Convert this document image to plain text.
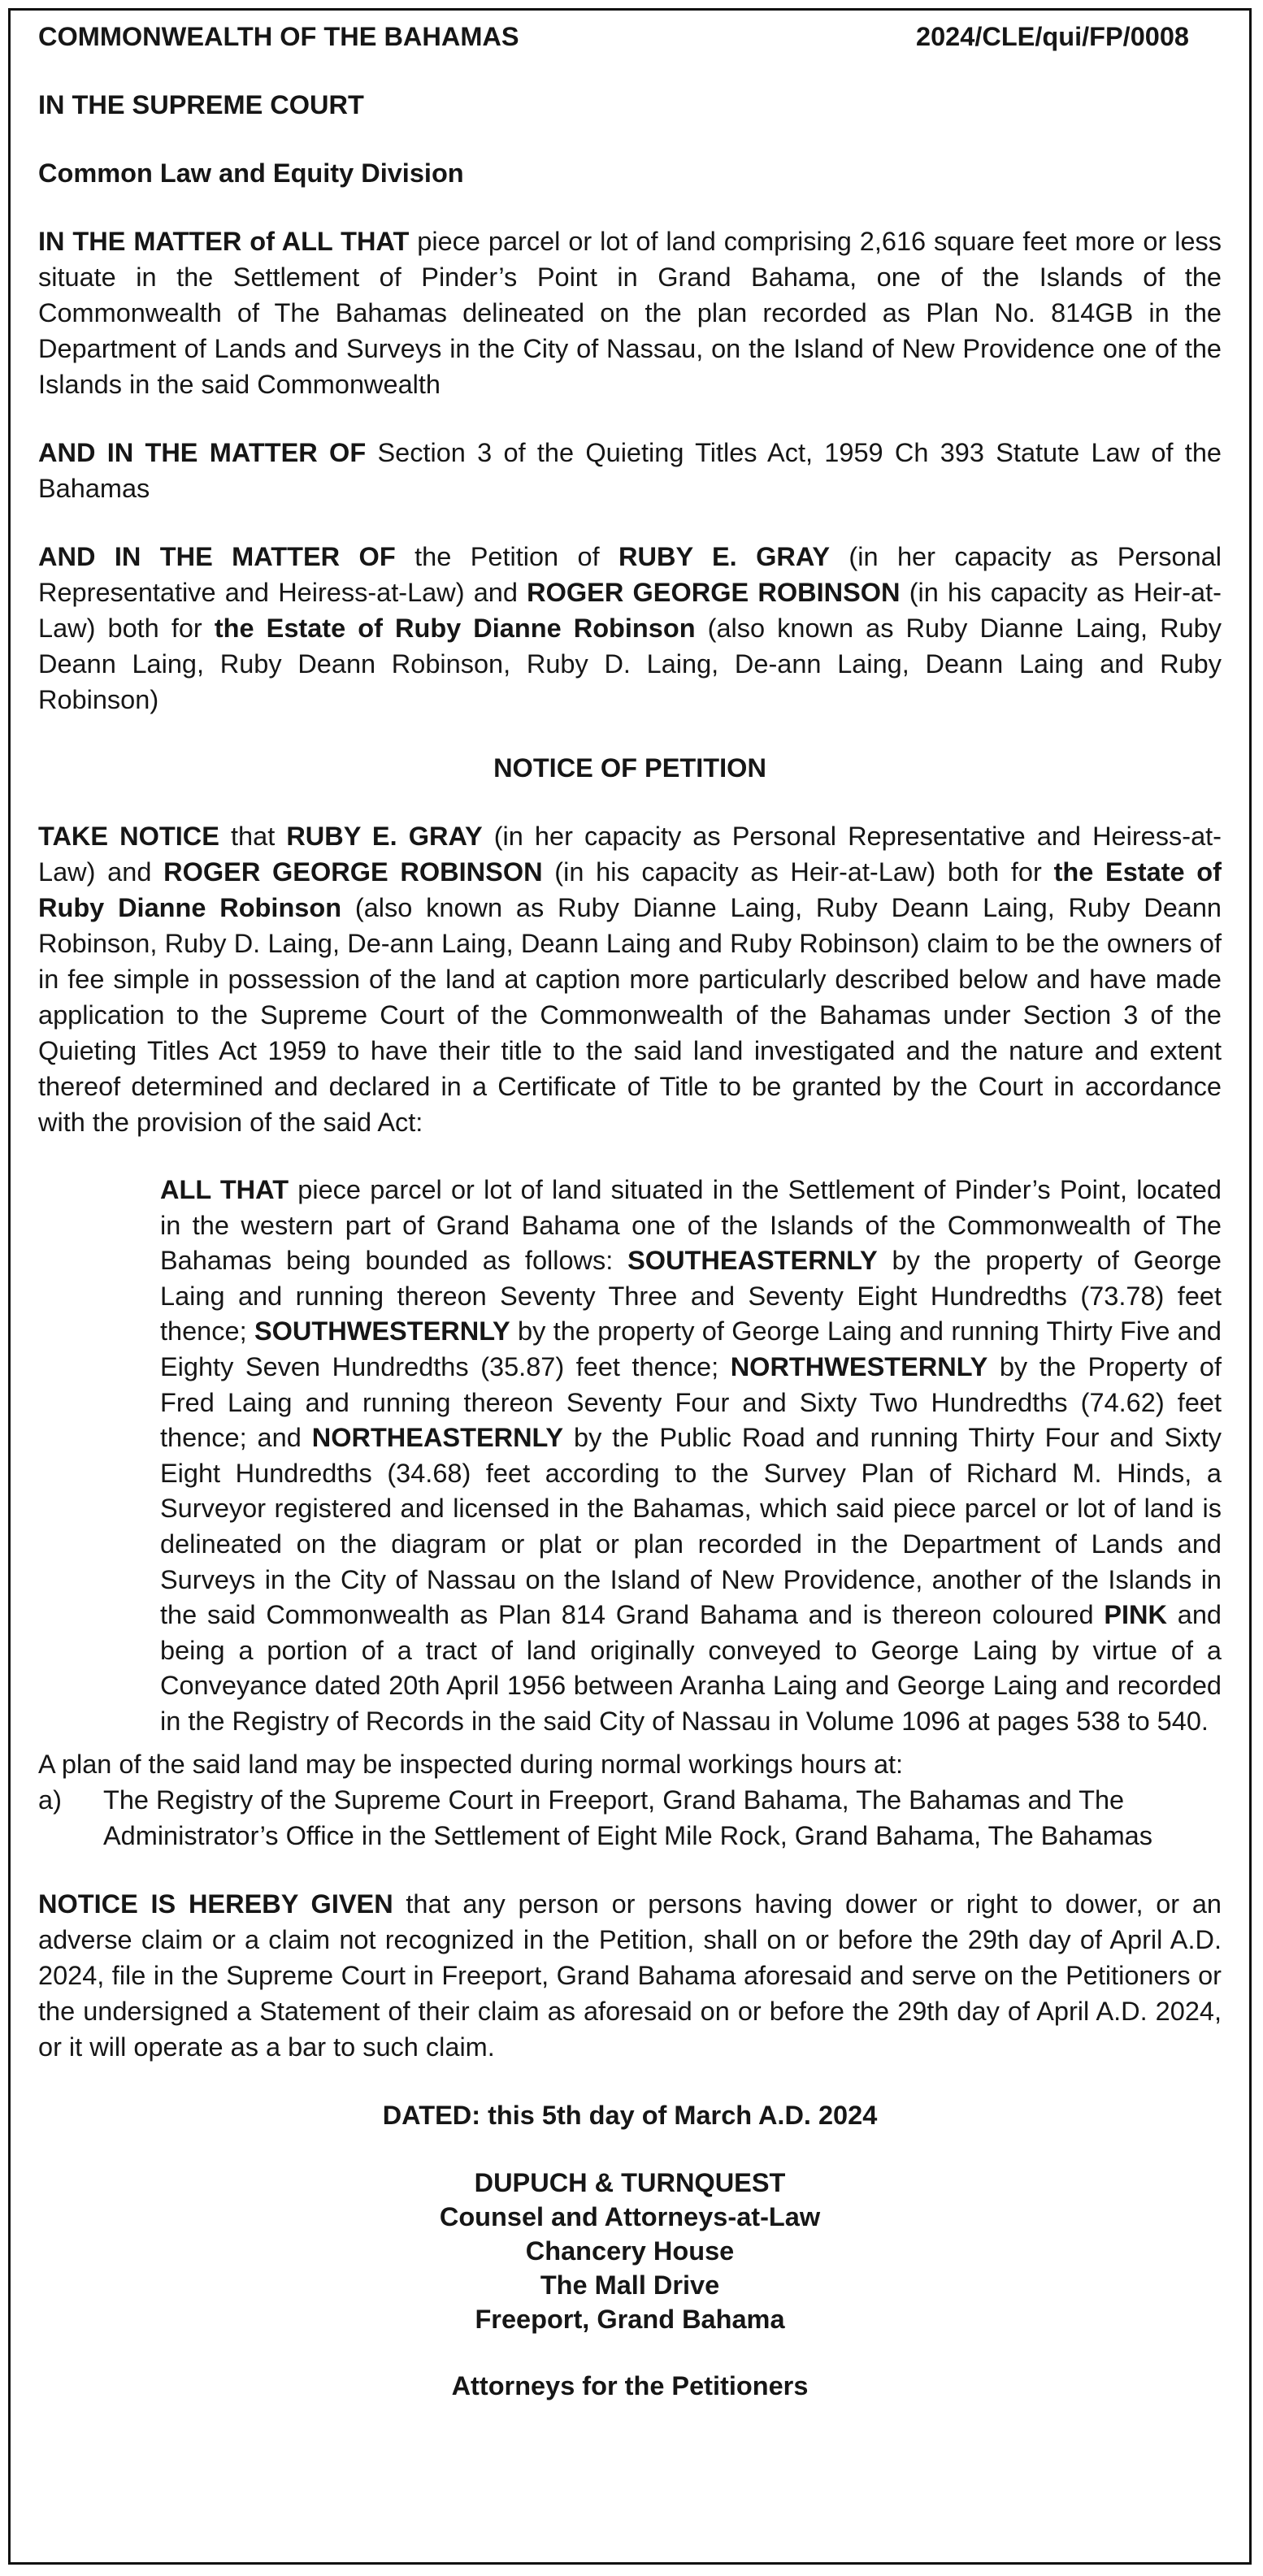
COMMONWEALTH OF THE BAHAMAS	2024/CLE/qui/FP/0008

IN THE SUPREME COURT

Common Law and Equity Division

IN THE MATTER of ALL THAT piece parcel or lot of land comprising 2,616 square feet more or less situate in the Settlement of Pinder’s Point in Grand Bahama, one of the Islands of the Commonwealth of The Bahamas delineated on the plan recorded as Plan No. 814GB in the Department of Lands and Surveys in the City of Nassau, on the Island of New Providence one of the Islands in the said Commonwealth

AND IN THE MATTER OF Section 3 of the Quieting Titles Act, 1959 Ch 393 Statute Law of the Bahamas

AND IN THE MATTER OF the Petition of RUBY E. GRAY (in her capacity as Personal Representative and Heiress-at-Law) and ROGER GEORGE ROBINSON (in his capacity as Heir-at-Law) both for the Estate of Ruby Dianne Robinson (also known as Ruby Dianne Laing, Ruby Deann Laing, Ruby Deann Robinson, Ruby D. Laing, De-ann Laing, Deann Laing and Ruby Robinson)

NOTICE OF PETITION

TAKE NOTICE that RUBY E. GRAY (in her capacity as Personal Representative and Heiress-at-Law) and ROGER GEORGE ROBINSON (in his capacity as Heir-at-Law) both for the Estate of Ruby Dianne Robinson (also known as Ruby Dianne Laing, Ruby Deann Laing, Ruby Deann Robinson, Ruby D. Laing, De-ann Laing, Deann Laing and Ruby Robinson) claim to be the owners of in fee simple in possession of the land at caption more particularly described below and have made application to the Supreme Court of the Commonwealth of the Bahamas under Section 3 of the Quieting Titles Act 1959 to have their title to the said land investigated and the nature and extent thereof determined and declared in a Certificate of Title to be granted by the Court in accordance with the provision of the said Act:

ALL THAT piece parcel or lot of land situated in the Settlement of Pinder’s Point, located in the western part of Grand Bahama one of the Islands of the Commonwealth of The Bahamas being bounded as follows: SOUTHEASTERNLY by the property of George Laing and running thereon Seventy Three and Seventy Eight Hundredths (73.78) feet thence; SOUTHWESTERNLY by the property of George Laing and running Thirty Five and Eighty Seven Hundredths (35.87) feet thence; NORTHWESTERNLY by the Property of Fred Laing and running thereon Seventy Four and Sixty Two Hundredths (74.62) feet thence; and NORTHEASTERNLY by the Public Road and running Thirty Four and Sixty Eight Hundredths (34.68) feet according to the Survey Plan of Richard M. Hinds, a Surveyor registered and licensed in the Bahamas, which said piece parcel or lot of land is delineated on the diagram or plat or plan recorded in the Department of Lands and Surveys in the City of Nassau on the Island of New Providence, another of the Islands in the said Commonwealth as Plan 814 Grand Bahama and is thereon coloured PINK and being a portion of a tract of land originally conveyed to George Laing by virtue of a Conveyance dated 20th April 1956 between Aranha Laing and George Laing and recorded in the Registry of Records in the said City of Nassau in Volume 1096 at pages 538 to 540.

A plan of the said land may be inspected during normal workings hours at:

a)	The Registry of the Supreme Court in Freeport, Grand Bahama, The Bahamas and The Administrator’s Office in the Settlement of Eight Mile Rock, Grand Bahama, The Bahamas

NOTICE IS HEREBY GIVEN that any person or persons having dower or right to dower, or an adverse claim or a claim not recognized in the Petition, shall on or before the 29th day of April A.D. 2024, file in the Supreme Court in Freeport, Grand Bahama aforesaid and serve on the Petitioners or the undersigned a Statement of their claim as aforesaid on or before the 29th day of April A.D. 2024, or it will operate as a bar to such claim.

DATED: this 5th day of March A.D. 2024

DUPUCH & TURNQUEST

Counsel and Attorneys-at-Law

Chancery House

The Mall Drive

Freeport, Grand Bahama

Attorneys for the Petitioners
